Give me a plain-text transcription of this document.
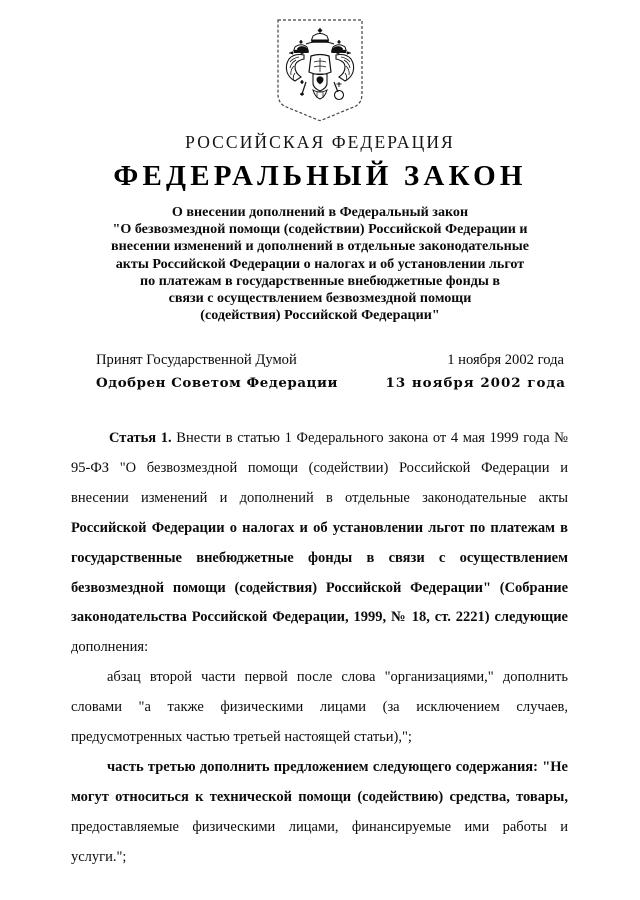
РОССИЙСКАЯ ФЕДЕРАЦИЯ
ФЕДЕРАЛЬНЫЙ ЗАКОН
О внесении дополнений в Федеральный закон
"О безвозмездной помощи (содействии) Российской Федерации и
внесении изменений и дополнений в отдельные законодательные
акты Российской Федерации о налогах и об установлении льгот
по платежам в государственные внебюджетные фонды в
связи с осуществлением безвозмездной помощи
(содействия) Российской Федерации"
Принят Государственной Думой	1 ноября 2002 года
Одобрен Советом Федерации	13 ноября 2002 года

Статья 1. Внести в статью 1 Федерального закона от 4 мая 1999 года № 95-ФЗ "О безвозмездной помощи (содействии) Российской Федерации и внесении изменений и дополнений в отдельные законодательные акты Российской Федерации о налогах и об установлении льгот по платежам в государственные внебюджетные фонды в связи с осуществлением безвозмездной помощи (содействия) Российской Федерации" (Собрание законодательства Российской Федерации, 1999, № 18, ст. 2221) следующие дополнения:

абзац второй части первой после слова "организациями," дополнить словами "а также физическими лицами (за исключением случаев, предусмотренных частью третьей настоящей статьи),";

часть третью дополнить предложением следующего содержания: "Не могут относиться к технической помощи (содействию) средства, товары, предоставляемые физическими лицами, финансируемые ими работы и услуги.";
